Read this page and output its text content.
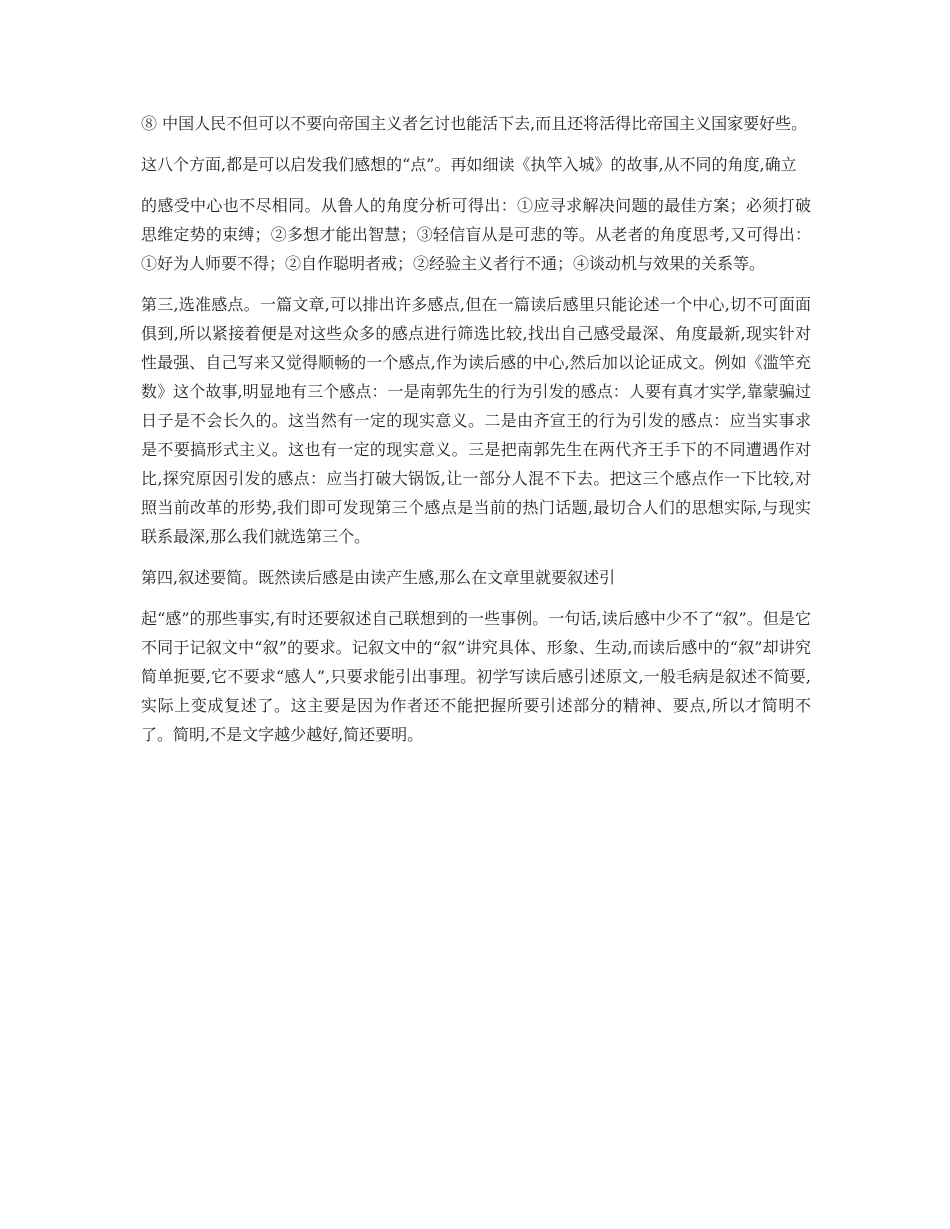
⑧ 中国人民不但可以不要向帝国主义者乞讨也能活下去,而且还将活得比帝国主义国家要好些。

这八个方面,都是可以启发我们感想的“点”。再如细读《执竿入城》的故事,从不同的角度,确立

的感受中心也不尽相同。从鲁人的角度分析可得出：①应寻求解决问题的最佳方案；必须打破思维定势的束缚；②多想才能出智慧；③轻信盲从是可悲的等。从老者的角度思考,又可得出：①好为人师要不得；②自作聪明者戒；②经验主义者行不通；④谈动机与效果的关系等。

第三,选准感点。一篇文章,可以排出许多感点,但在一篇读后感里只能论述一个中心,切不可面面俱到,所以紧接着便是对这些众多的感点进行筛选比较,找出自己感受最深、角度最新,现实针对性最强、自己写来又觉得顺畅的一个感点,作为读后感的中心,然后加以论证成文。例如《滥竿充数》这个故事,明显地有三个感点：一是南郭先生的行为引发的感点：人要有真才实学,靠蒙骗过日子是不会长久的。这当然有一定的现实意义。二是由齐宣王的行为引发的感点：应当实事求是不要搞形式主义。这也有一定的现实意义。三是把南郭先生在两代齐王手下的不同遭遇作对比,探究原因引发的感点：应当打破大锅饭,让一部分人混不下去。把这三个感点作一下比较,对照当前改革的形势,我们即可发现第三个感点是当前的热门话题,最切合人们的思想实际,与现实联系最深,那么我们就选第三个。

第四,叙述要简。既然读后感是由读产生感,那么在文章里就要叙述引

起“感”的那些事实,有时还要叙述自己联想到的一些事例。一句话,读后感中少不了“叙”。但是它不同于记叙文中“叙”的要求。记叙文中的“叙”讲究具体、形象、生动,而读后感中的“叙”却讲究简单扼要,它不要求“感人”,只要求能引出事理。初学写读后感引述原文,一般毛病是叙述不简要,实际上变成复述了。这主要是因为作者还不能把握所要引述部分的精神、要点,所以才简明不了。简明,不是文字越少越好,简还要明。
